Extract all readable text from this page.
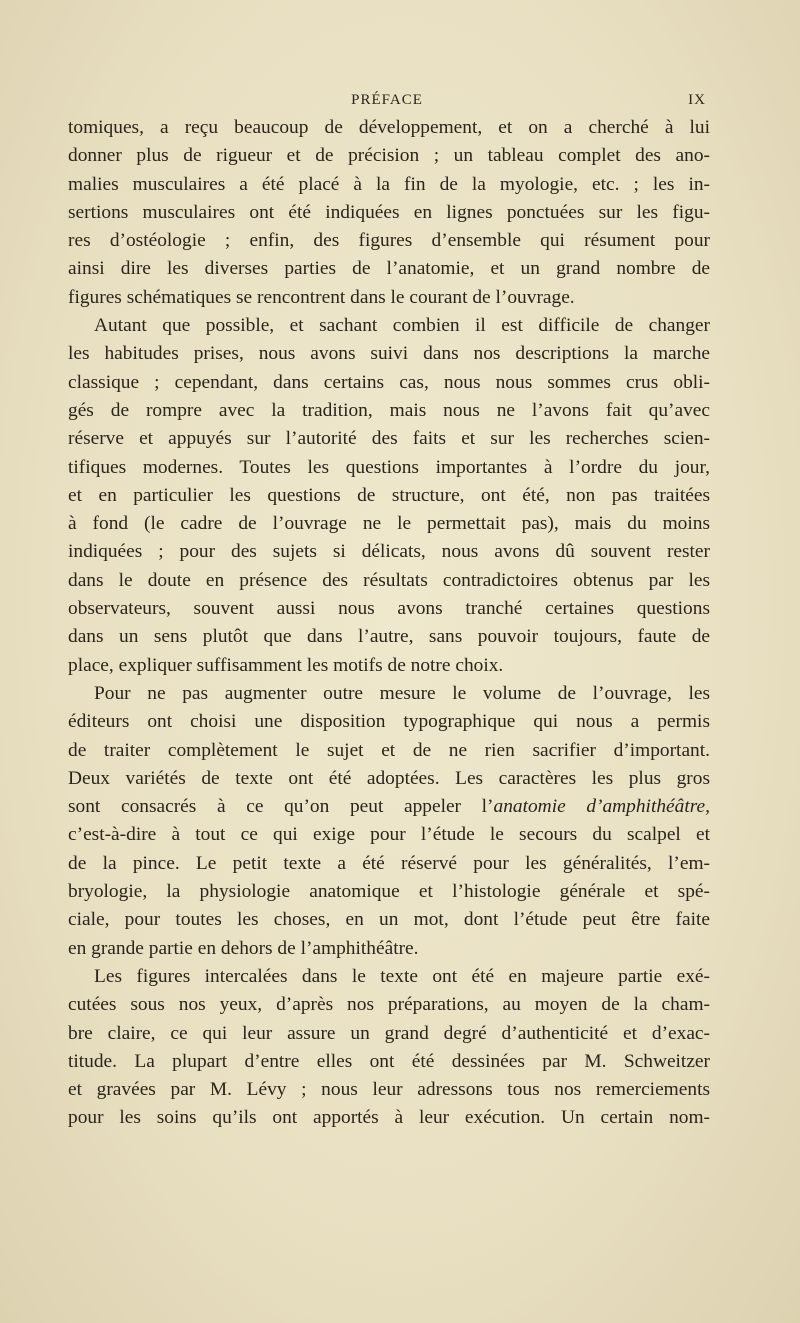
PRÉFACE	IX
tomiques, a reçu beaucoup de développement, et on a cherché à lui
donner plus de rigueur et de précision ; un tableau complet des ano-
malies musculaires a été placé à la fin de la myologie, etc. ; les in-
sertions musculaires ont été indiquées en lignes ponctuées sur les figu-
res d’ostéologie ; enfin, des figures d’ensemble qui résument pour
ainsi dire les diverses parties de l’anatomie, et un grand nombre de
figures schématiques se rencontrent dans le courant de l’ouvrage.
Autant que possible, et sachant combien il est difficile de changer
les habitudes prises, nous avons suivi dans nos descriptions la marche
classique ; cependant, dans certains cas, nous nous sommes crus obli-
gés de rompre avec la tradition, mais nous ne l’avons fait qu’avec
réserve et appuyés sur l’autorité des faits et sur les recherches scien-
tifiques modernes. Toutes les questions importantes à l’ordre du jour,
et en particulier les questions de structure, ont été, non pas traitées
à fond (le cadre de l’ouvrage ne le permettait pas), mais du moins
indiquées ; pour des sujets si délicats, nous avons dû souvent rester
dans le doute en présence des résultats contradictoires obtenus par les
observateurs, souvent aussi nous avons tranché certaines questions
dans un sens plutôt que dans l’autre, sans pouvoir toujours, faute de
place, expliquer suffisamment les motifs de notre choix.
Pour ne pas augmenter outre mesure le volume de l’ouvrage, les
éditeurs ont choisi une disposition typographique qui nous a permis
de traiter complètement le sujet et de ne rien sacrifier d’important.
Deux variétés de texte ont été adoptées. Les caractères les plus gros
sont consacrés à ce qu’on peut appeler l’anatomie d’amphithéâtre,
c’est-à-dire à tout ce qui exige pour l’étude le secours du scalpel et
de la pince. Le petit texte a été réservé pour les généralités, l’em-
bryologie, la physiologie anatomique et l’histologie générale et spé-
ciale, pour toutes les choses, en un mot, dont l’étude peut être faite
en grande partie en dehors de l’amphithéâtre.
Les figures intercalées dans le texte ont été en majeure partie exé-
cutées sous nos yeux, d’après nos préparations, au moyen de la cham-
bre claire, ce qui leur assure un grand degré d’authenticité et d’exac-
titude. La plupart d’entre elles ont été dessinées par M. Schweitzer
et gravées par M. Lévy ; nous leur adressons tous nos remerciements
pour les soins qu’ils ont apportés à leur exécution. Un certain nom-
